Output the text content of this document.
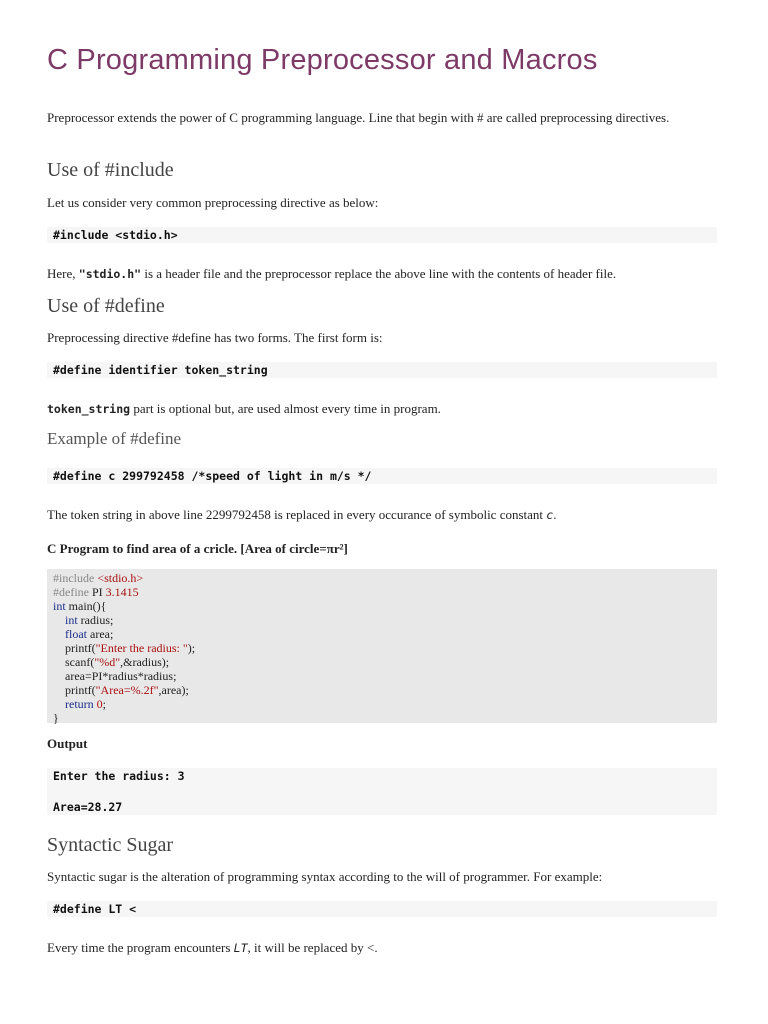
C Programming Preprocessor and Macros

Preprocessor extends the power of C programming language. Line that begin with # are called preprocessing directives.

Use of #include

Let us consider very common preprocessing directive as below:

#include <stdio.h>

Here, "stdio.h" is a header file and the preprocessor replace the above line with the contents of header file.

Use of #define

Preprocessing directive #define has two forms. The first form is:

#define identifier token_string

token_string part is optional but, are used almost every time in program.

Example of #define
#define c 299792458 /*speed of light in m/s */

The token string in above line 2299792458 is replaced in every occurance of symbolic constant c.

C Program to find area of a cricle. [Area of circle=πr²]

#include <stdio.h>
#define PI 3.1415
int main(){
int radius;
float area;
printf("Enter the radius: ");
scanf("%d",&radius);
area=PI*radius*radius;
printf("Area=%.2f",area);
return 0;
}

Output

Enter the radius: 3
Area=28.27
Syntactic Sugar

Syntactic sugar is the alteration of programming syntax according to the will of programmer. For example:

#define LT <

Every time the program encounters LT, it will be replaced by <.
